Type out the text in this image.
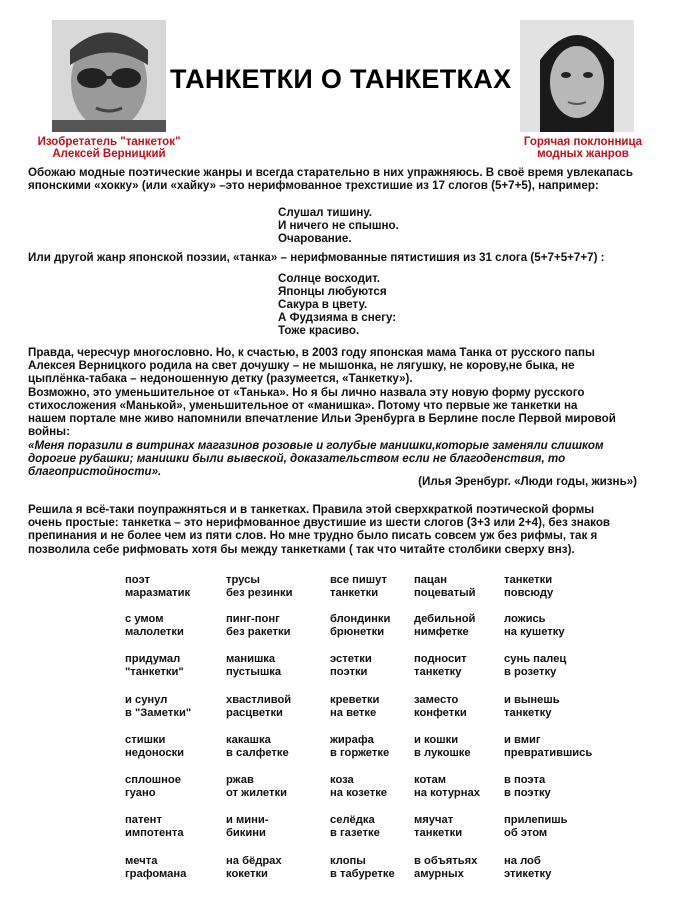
Изобретатель "танкеток"
Алексей Верницкий
Горячая поклонница
модных жанров
ТАНКЕТКИ О ТАНКЕТКАХ
Обожаю модные поэтические жанры и всегда старательно в них упражняюсь. В своё время увлекапась японскими «хокку» (или «хайку» –это нерифмованное трехстишие из 17 слогов (5+7+5), например:
Слушал тишину.
И ничего не спышно.
Очарование.
Или другой жанр японской поэзии, «танка» – нерифмованные пятистишия из 31 слога (5+7+5+7+7) :
Солнце восходит.
Японцы любуются
Сакура в цвету.
А Фудзияма в снегу:
Тоже красиво.

Правда, чересчур многословно. Но, к счастью, в 2003 году японская мама Танка от русского папы

Алексея Верницкого родила на свет дочушку – не мышонка, не лягушку, не корову,не быка, не

цыплёнка-табака – недоношенную детку (разумеется, «Танкетку»).

Возможно, это уменьшительное от «Танька». Но я бы лично назвала эту новую форму русского

стихосложения «Манькой», уменьшительное от «манишка». Потому что первые же танкетки на

нашем портале мне живо напомнили впечатление Ильи Эренбурга в Берлине после Первой мировой

войны:

«Меня поразили в витринах магазинов розовые и голубые манишки,которые заменяли слишком
дорогие рубашки; манишки были вывеской, доказательством если не благоденствия, то
благопристойности».
(Илья Эренбург. «Люди годы, жизнь»)

Решила я всё-таки поупражняться и в танкетках. Правила этой сверхкраткой поэтической формы

очень простые: танкетка – это нерифмованное двустишие из шести слогов (3+3 или 2+4), без знаков

препинания и не более чем из пяти слов. Но мне трудно было писать совсем уж без рифмы, так я

позволила себе рифмовать хотя бы между танкетками ( так что читайте столбики сверху внз).

поэт
маразматик
с умом
малолетки
придумал
"танкетки"
и сунул
в "Заметки"
стишки
недоноски
сплошное
гуано
патент
импотента
мечта
графомана
трусы
без резинки
пинг-понг
без ракетки
манишка
пустышка
хвастливой
расцветки
какашка
в салфетке
ржав
от жилетки
и мини-
бикини
на бёдрах
кокетки
все пишут
танкетки
блондинки
брюнетки
эстетки
поэтки
креветки
на ветке
жирафа
в горжетке
коза
на козетке
селёдка
в газетке
клопы
в табуретке
пацан
поцеватый
дебильной
нимфетке
подносит
танкетку
заместо
конфетки
и кошки
в лукошке
котам
на котурнах
мяучат
танкетки
в объятьях
амурных
танкетки
повсюду
ложись
на кушетку
сунь палец
в розетку
и вынешь
танкетку
и вмиг
превратившись
в поэта
в поэтку
прилепишь
об этом
на лоб
этикетку
